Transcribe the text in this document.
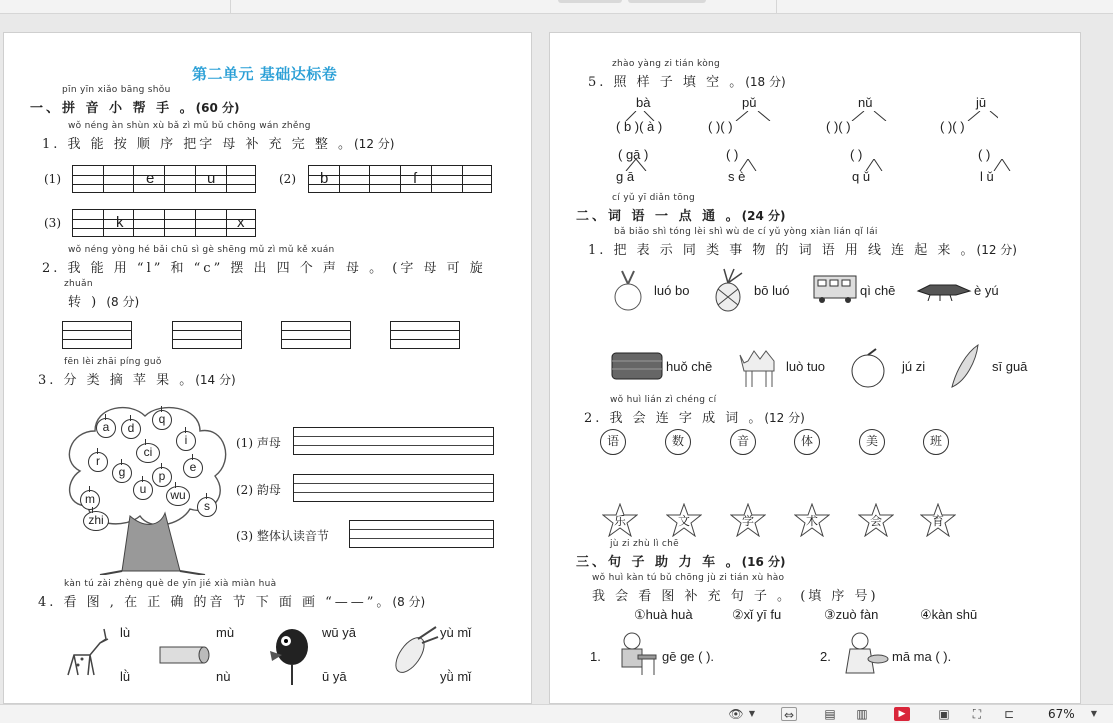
第二单元 基础达标卷
pīn yīn xiǎo bāng shǒu
一、拼 音 小 帮 手 。(60 分)
wǒ néng àn shùn xù bǎ zì mǔ bǔ chōng wán zhěng
1. 我 能 按 顺 序 把字 母 补 充 完 整 。(12 分)
(1)	e	u	(2) b	f
(3)	k	x
wǒ néng yòng hé bǎi chū sì gè shēng mǔ zì mǔ kě xuán
2. 我 能 用 “l” 和 “c” 摆 出 四 个 声 母 。 (字 母 可 旋
zhuǎn
转 ) (8 分)
fēn lèi zhāi píng guǒ
3. 分 类 摘 苹 果 。(14 分)
a	d
q
i
ci
r
g	p
e
u
m	wu
s
zhi
(1) 声母
(2) 韵母
(3) 整体认读音节
kàn tú zài zhèng què de yīn jié xià miàn huà
4. 看 图 , 在 正 确 的音 节 下 面 画 “——”。(8 分)
lù
lǜ
mù
nù
wū yā
ū yā
yù mǐ
yǜ mǐ
zhào yàng zi tián kòng
5. 照 样 子 填 空 。(18 分)
bà	pǔ	nǔ	jū
( b )( à )	( )( )	( )( )	( )( )
( gā )	( )	( )	( )
g ā	s è	q ǔ	l ǔ
cí yǔ yī diǎn tōng
二、词 语 一 点 通 。(24 分)
bǎ biǎo shì tóng lèi shì wù de cí yǔ yòng xiàn lián qǐ lái
1. 把 表 示 同 类 事 物 的 词 语 用 线 连 起 来 。(12 分)
luó bo	bō luó	qì chē	è yú
huǒ chē	luò tuo	jú zi	sī guā
wǒ huì lián zì chéng cí
2. 我 会 连 字 成 词 。(12 分)
语	数	音	体	美	班
乐	文	学	术	会	育
jù zi zhù lì chē
三、句 子 助 力 车 。(16 分)
wǒ huì kàn tú bǔ chōng jù zi tián xù hào
我 会 看 图 补 充 句 子 。 (填 序 号)
①huà huà	②xǐ yī fu	③zuò fàn	④kàn shū
1.	gē ge ( ).	2.	mā ma ( ).
👁 ▼	⇔	▤ ▥	▶	▣	⛶	⊏	67%	▼
